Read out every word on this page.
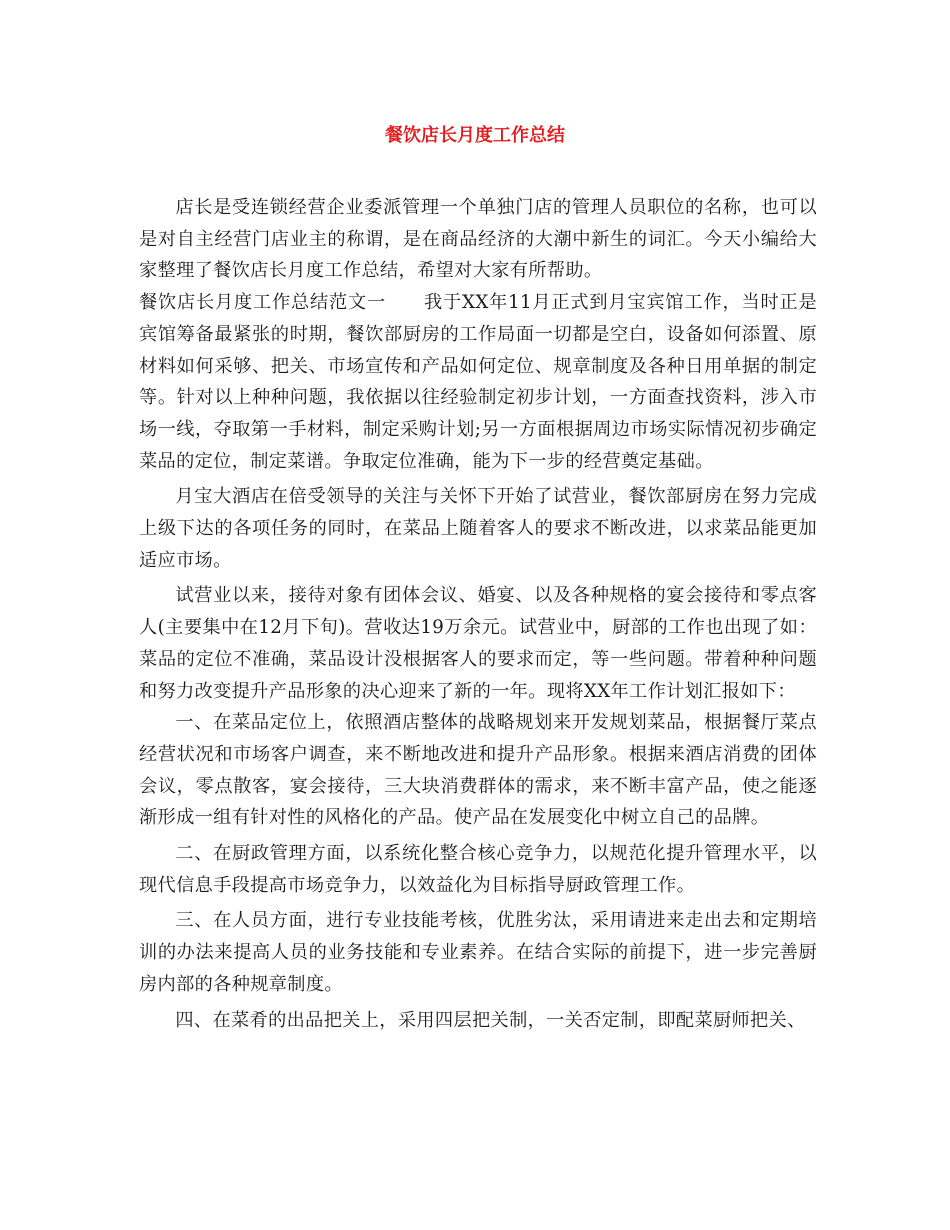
餐饮店长月度工作总结

店长是受连锁经营企业委派管理一个单独门店的管理人员职位的名称，也可以是对自主经营门店业主的称谓，是在商品经济的大潮中新生的词汇。今天小编给大家整理了餐饮店长月度工作总结，希望对大家有所帮助。

餐饮店长月度工作总结范文一　　我于XX年11月正式到月宝宾馆工作，当时正是宾馆筹备最紧张的时期，餐饮部厨房的工作局面一切都是空白，设备如何添置、原材料如何采够、把关、市场宣传和产品如何定位、规章制度及各种日用单据的制定等。针对以上种种问题，我依据以往经验制定初步计划，一方面查找资料，涉入市场一线，夺取第一手材料，制定采购计划;另一方面根据周边市场实际情况初步确定菜品的定位，制定菜谱。争取定位准确，能为下一步的经营奠定基础。

月宝大酒店在倍受领导的关注与关怀下开始了试营业，餐饮部厨房在努力完成上级下达的各项任务的同时，在菜品上随着客人的要求不断改进，以求菜品能更加适应市场。

试营业以来，接待对象有团体会议、婚宴、以及各种规格的宴会接待和零点客人(主要集中在12月下旬)。营收达19万余元。试营业中，厨部的工作也出现了如：菜品的定位不准确，菜品设计没根据客人的要求而定，等一些问题。带着种种问题和努力改变提升产品形象的决心迎来了新的一年。现将XX年工作计划汇报如下：

一、在菜品定位上，依照酒店整体的战略规划来开发规划菜品，根据餐厅菜点经营状况和市场客户调查，来不断地改进和提升产品形象。根据来酒店消费的团体会议，零点散客，宴会接待，三大块消费群体的需求，来不断丰富产品，使之能逐渐形成一组有针对性的风格化的产品。使产品在发展变化中树立自己的品牌。

二、在厨政管理方面，以系统化整合核心竞争力，以规范化提升管理水平，以现代信息手段提高市场竞争力，以效益化为目标指导厨政管理工作。

三、在人员方面，进行专业技能考核，优胜劣汰，采用请进来走出去和定期培训的办法来提高人员的业务技能和专业素养。在结合实际的前提下，进一步完善厨房内部的各种规章制度。

四、在菜肴的出品把关上，采用四层把关制，一关否定制，即配菜厨师把关、
